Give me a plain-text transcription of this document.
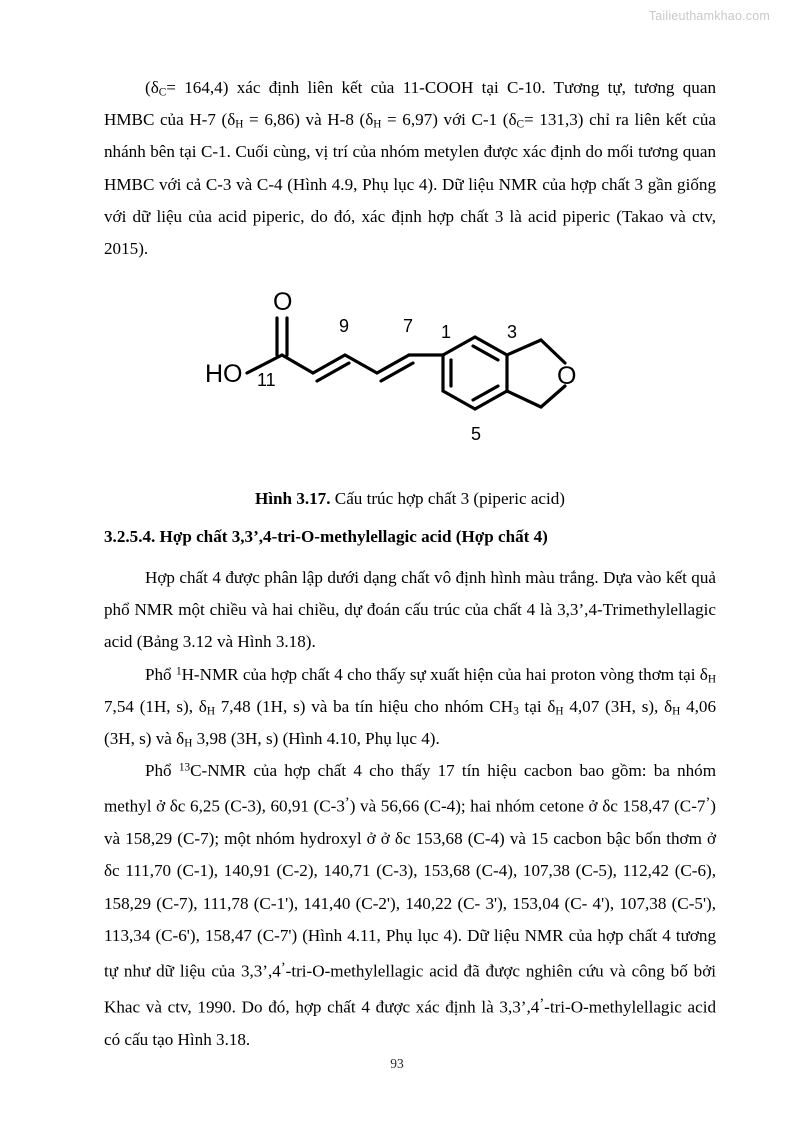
Tailieuthamkhao.com

$(\delta_C= 164,4)$ xác định liên kết của 11-COOH tại C-10. Tương tự, tương quan HMBC của H-7 $(\delta_H = 6,86)$ và H-8 $(\delta_H = 6,97)$ với C-1 $(\delta_C= 131,3)$ chỉ ra liên kết của nhánh bên tại C-1. Cuối cùng, vị trí của nhóm metylen được xác định do mối tương quan HMBC với cả C-3 và C-4 (Hình 4.9, Phụ lục 4). Dữ liệu NMR của hợp chất 3 gần giống với dữ liệu của acid piperic, do đó, xác định hợp chất 3 là acid piperic (Takao và ctv, 2015).

O
HO 11
9	7 1	3
5
O
Hình 3.17. Cấu trúc hợp chất 3 (piperic acid)
3.2.5.4. Hợp chất 3,3’,4-tri-O-methylellagic acid (Hợp chất 4)

Hợp chất 4 được phân lập dưới dạng chất vô định hình màu trắng. Dựa vào kết quả phổ NMR một chiều và hai chiều, dự đoán cấu trúc của chất 4 là 3,3’,4-Trimethylellagic acid (Bảng 3.12 và Hình 3.18).

Phổ $^1$H-NMR của hợp chất 4 cho thấy sự xuất hiện của hai proton vòng thơm tại $\delta_H$ 7,54 (1H, s), $\delta_H$ 7,48 (1H, s) và ba tín hiệu cho nhóm $CH_3$ tại $\delta_H$ 4,07 (3H, s), $\delta_H$ 4,06 (3H, s) và $\delta_H$ 3,98 (3H, s) (Hình 4.10, Phụ lục 4).

Phổ $^{13}$C-NMR của hợp chất 4 cho thấy 17 tín hiệu cacbon bao gồm: ba nhóm methyl ở δc 6,25 (C-3), 60,91 (C-3’) và 56,66 (C-4); hai nhóm cetone ở δc 158,47 (C-7’) và 158,29 (C-7); một nhóm hydroxyl ở ở δc 153,68 (C-4) và 15 cacbon bậc bốn thơm ở δc 111,70 (C-1), 140,91 (C-2), 140,71 (C-3), 153,68 (C-4), 107,38 (C-5), 112,42 (C-6), 158,29 (C-7), 111,78 (C-1'), 141,40 (C-2'), 140,22 (C- 3'), 153,04 (C- 4'), 107,38 (C-5'), 113,34 (C-6'), 158,47 (C-7') (Hình 4.11, Phụ lục 4). Dữ liệu NMR của hợp chất 4 tương tự như dữ liệu của 3,3’,4’-tri-O-methylellagic acid đã được nghiên cứu và công bố bởi Khac và ctv, 1990. Do đó, hợp chất 4 được xác định là 3,3’,4’-tri-O-methylellagic acid có cấu tạo Hình 3.18.

93
